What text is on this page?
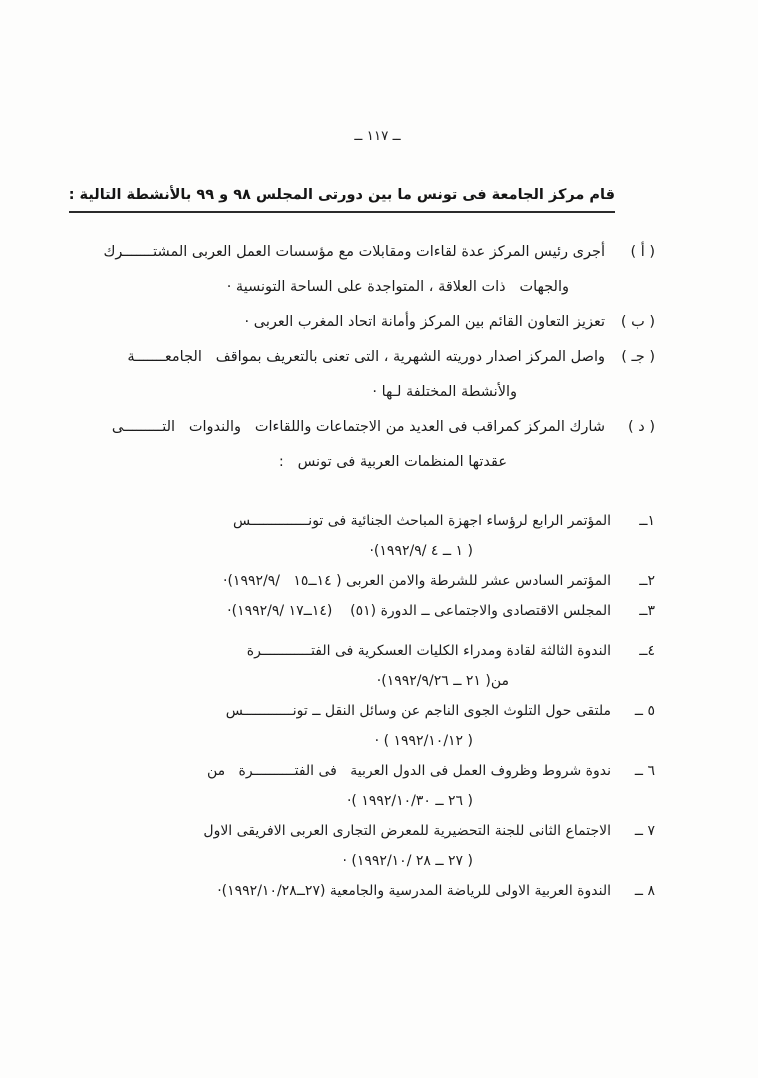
ــ ١١٧ ــ
قام مركز الجامعة فى تونس ما بين دورتى المجلس ٩٨ و ٩٩ بالأنشطة التالية :
( أ )
أجرى رئيس المركز عدة لقاءات ومقابلات مع مؤسسات العمل العربى المشتـــــــرك
والجهات   ذات العلاقة ، المتواجدة على الساحة التونسية ·
( ب )
تعزيز التعاون القائم بين المركز وأمانة اتحاد المغرب العربى ·
( جـ )
واصل المركز اصدار دوريته الشهرية ، التى تعنى بالتعريف بمواقف   الجامعـــــــة
والأنشطة المختلفة لـها ·
( د )
شارك المركز كمراقب فى العديد من الاجتماعات واللقاءات   والندوات   التـــــــــى
عقدتها المنظمات العربية فى تونس   :
١ــ
المؤتمر الرابع لرؤساء اجهزة المباحث الجنائية فى تونــــــــــــــس
( ١ ــ ٤ /١٩٩٢/٩)·
٢ــ
المؤتمر السادس عشر للشرطة والامن العربى ( ١٤ــ١٥   /١٩٩٢/٩)·
٣ــ
المجلس الاقتصادى والاجتماعى ــ الدورة (٥١)    (١٤ــ١٧ /١٩٩٢/٩)·
٤ــ
الندوة الثالثة لقادة ومدراء الكليات العسكرية فى الفتــــــــــــرة
من( ٢١ ــ ١٩٩٢/٩/٢٦)·
٥ ــ
ملتقى حول التلوث الجوى الناجم عن وسائل النقل ــ تونــــــــــــس
( ١٩٩٢/١٠/١٢ ) ·
٦ ــ
ندوة شروط وظروف العمل فى الدول العربية   فى الفتــــــــــرة   من
( ٢٦ ــ ١٩٩٢/١٠/٣٠ )·
٧ ــ
الاجتماع الثانى للجنة التحضيرية للمعرض التجارى العربى الافريقى الاول
( ٢٧ ــ ٢٨ /١٩٩٢/١٠) ·
٨ ــ
الندوة العربية الاولى للرياضة المدرسية والجامعية (٢٧ــ١٩٩٢/١٠/٢٨)·
